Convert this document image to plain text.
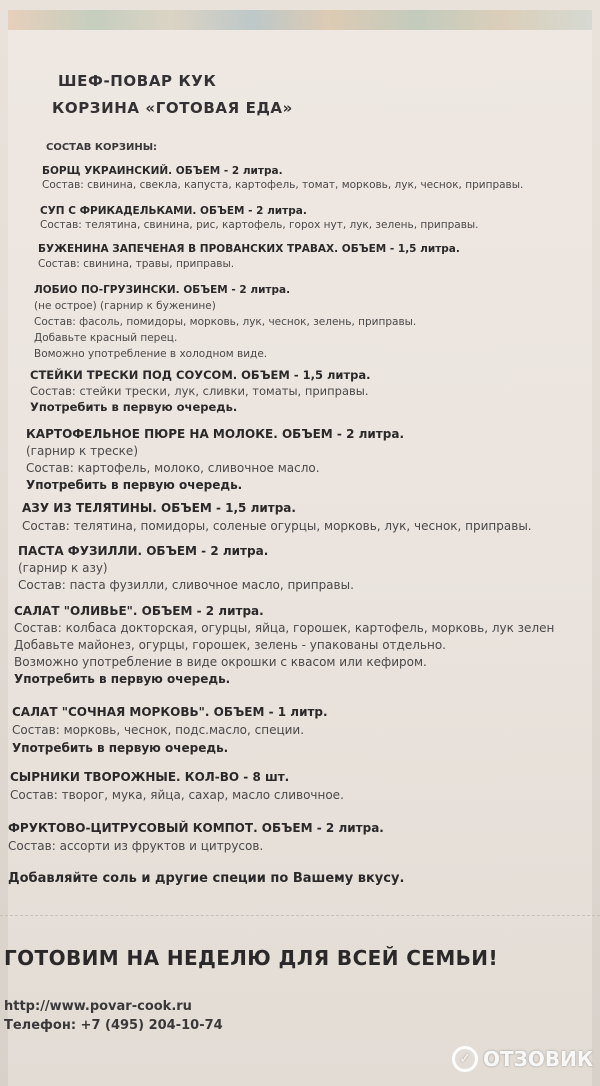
ШЕФ-ПОВАР КУК
КОРЗИНА «ГОТОВАЯ ЕДА»
СОСТАВ КОРЗИНЫ:
БОРЩ УКРАИНСКИЙ. ОБЪЕМ - 2 литра.
Состав: свинина, свекла, капуста, картофель, томат, морковь, лук, чеснок, приправы.
СУП С ФРИКАДЕЛЬКАМИ. ОБЪЕМ - 2 литра.
Состав: телятина, свинина, рис, картофель, горох нут, лук, зелень, приправы.
БУЖЕНИНА ЗАПЕЧЕНАЯ В ПРОВАНСКИХ ТРАВАХ. ОБЪЕМ - 1,5 литра.
Состав: свинина, травы, приправы.
ЛОБИО ПО-ГРУЗИНСКИ. ОБЪЕМ - 2 литра.
(не острое) (гарнир к буженине)
Состав: фасоль, помидоры, морковь, лук, чеснок, зелень, приправы.
Добавьте красный перец.
Воможно употребление в холодном виде.
СТЕЙКИ ТРЕСКИ ПОД СОУСОМ. ОБЪЕМ - 1,5 литра.
Состав: стейки трески, лук, сливки, томаты, приправы.
Употребить в первую очередь.
КАРТОФЕЛЬНОЕ ПЮРЕ НА МОЛОКЕ. ОБЪЕМ - 2 литра.
(гарнир к треске)
Состав: картофель, молоко, сливочное масло.
Употребить в первую очередь.
АЗУ ИЗ ТЕЛЯТИНЫ. ОБЪЕМ - 1,5 литра.
Состав: телятина, помидоры, соленые огурцы, морковь, лук, чеснок, приправы.
ПАСТА ФУЗИЛЛИ. ОБЪЕМ - 2 литра.
(гарнир к азу)
Состав: паста фузилли, сливочное масло, приправы.
САЛАТ "ОЛИВЬЕ". ОБЪЕМ - 2 литра.
Состав: колбаса докторская, огурцы, яйца, горошек, картофель, морковь, лук зелен
Добавьте майонез, огурцы, горошек, зелень - упакованы отдельно.
Возможно употребление в виде окрошки с квасом или кефиром.
Употребить в первую очередь.
САЛАТ "СОЧНАЯ МОРКОВЬ". ОБЪЕМ - 1 литр.
Состав: морковь, чеснок, подс.масло, специи.
Употребить в первую очередь.
СЫРНИКИ ТВОРОЖНЫЕ. КОЛ-ВО - 8 шт.
Состав: творог, мука, яйца, сахар, масло сливочное.
ФРУКТОВО-ЦИТРУСОВЫЙ КОМПОТ. ОБЪЕМ - 2 литра.
Состав: ассорти из фруктов и цитрусов.
Добавляйте соль и другие специи по Вашему вкусу.
ГОТОВИМ НА НЕДЕЛЮ ДЛЯ ВСЕЙ СЕМЬИ!
http://www.povar-cook.ru
Телефон: +7 (495) 204-10-74
✓ ОТЗОВИК
